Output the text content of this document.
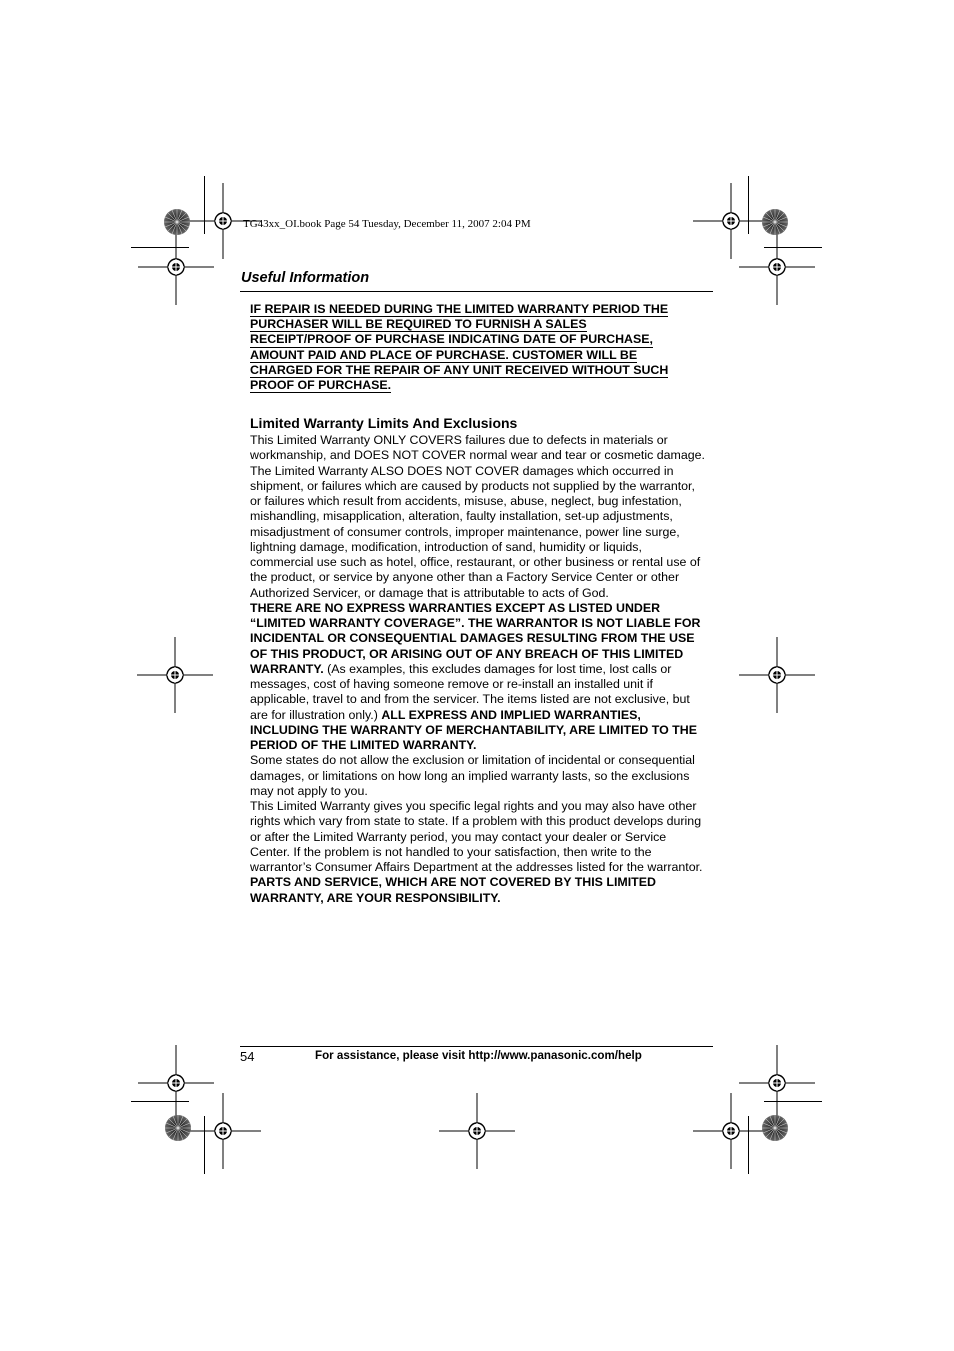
TG43xx_OI.book Page 54 Tuesday, December 11, 2007 2:04 PM
Useful Information
IF REPAIR IS NEEDED DURING THE LIMITED WARRANTY PERIOD THE
PURCHASER WILL BE REQUIRED TO FURNISH A SALES
RECEIPT/PROOF OF PURCHASE INDICATING DATE OF PURCHASE,
AMOUNT PAID AND PLACE OF PURCHASE. CUSTOMER WILL BE
CHARGED FOR THE REPAIR OF ANY UNIT RECEIVED WITHOUT SUCH
PROOF OF PURCHASE.
Limited Warranty Limits And Exclusions

This Limited Warranty ONLY COVERS failures due to defects in materials or workmanship, and DOES NOT COVER normal wear and tear or cosmetic damage. The Limited Warranty ALSO DOES NOT COVER damages which occurred in shipment, or failures which are caused by products not supplied by the warrantor, or failures which result from accidents, misuse, abuse, neglect, bug infestation, mishandling, misapplication, alteration, faulty installation, set-up adjustments, misadjustment of consumer controls, improper maintenance, power line surge, lightning damage, modification, introduction of sand, humidity or liquids, commercial use such as hotel, office, restaurant, or other business or rental use of the product, or service by anyone other than a Factory Service Center or other Authorized Servicer, or damage that is attributable to acts of God.

THERE ARE NO EXPRESS WARRANTIES EXCEPT AS LISTED UNDER “LIMITED WARRANTY COVERAGE”. THE WARRANTOR IS NOT LIABLE FOR INCIDENTAL OR CONSEQUENTIAL DAMAGES RESULTING FROM THE USE OF THIS PRODUCT, OR ARISING OUT OF ANY BREACH OF THIS LIMITED WARRANTY. (As examples, this excludes damages for lost time, lost calls or messages, cost of having someone remove or re-install an installed unit if applicable, travel to and from the servicer. The items listed are not exclusive, but are for illustration only.) ALL EXPRESS AND IMPLIED WARRANTIES, INCLUDING THE WARRANTY OF MERCHANTABILITY, ARE LIMITED TO THE PERIOD OF THE LIMITED WARRANTY.

Some states do not allow the exclusion or limitation of incidental or consequential damages, or limitations on how long an implied warranty lasts, so the exclusions may not apply to you.

This Limited Warranty gives you specific legal rights and you may also have other rights which vary from state to state. If a problem with this product develops during or after the Limited Warranty period, you may contact your dealer or Service Center. If the problem is not handled to your satisfaction, then write to the warrantor’s Consumer Affairs Department at the addresses listed for the warrantor.

PARTS AND SERVICE, WHICH ARE NOT COVERED BY THIS LIMITED WARRANTY, ARE YOUR RESPONSIBILITY.

54	For assistance, please visit http://www.panasonic.com/help
